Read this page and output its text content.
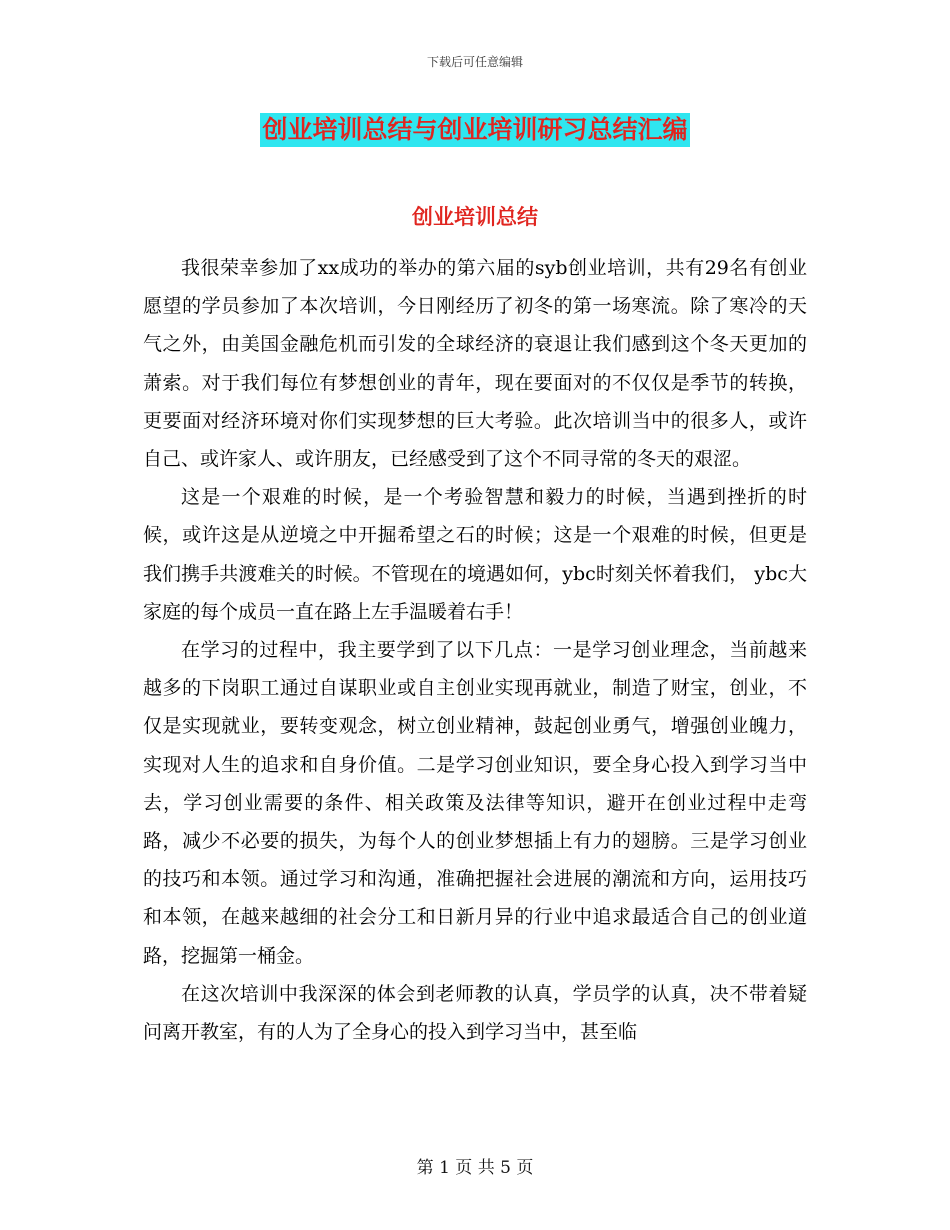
下载后可任意编辑
创业培训总结与创业培训研习总结汇编
创业培训总结

我很荣幸参加了xx成功的举办的第六届的syb创业培训，共有29名有创业愿望的学员参加了本次培训，今日刚经历了初冬的第一场寒流。除了寒冷的天气之外，由美国金融危机而引发的全球经济的衰退让我们感到这个冬天更加的萧索。对于我们每位有梦想创业的青年，现在要面对的不仅仅是季节的转换，更要面对经济环境对你们实现梦想的巨大考验。此次培训当中的很多人，或许自己、或许家人、或许朋友，已经感受到了这个不同寻常的冬天的艰涩。

这是一个艰难的时候，是一个考验智慧和毅力的时候，当遇到挫折的时候，或许这是从逆境之中开掘希望之石的时候；这是一个艰难的时候，但更是我们携手共渡难关的时候。不管现在的境遇如何，ybc时刻关怀着我们， ybc大家庭的每个成员一直在路上左手温暖着右手！

在学习的过程中，我主要学到了以下几点：一是学习创业理念，当前越来越多的下岗职工通过自谋职业或自主创业实现再就业，制造了财宝，创业，不仅是实现就业，要转变观念，树立创业精神，鼓起创业勇气，增强创业魄力，实现对人生的追求和自身价值。二是学习创业知识，要全身心投入到学习当中去，学习创业需要的条件、相关政策及法律等知识，避开在创业过程中走弯路，减少不必要的损失，为每个人的创业梦想插上有力的翅膀。三是学习创业的技巧和本领。通过学习和沟通，准确把握社会进展的潮流和方向，运用技巧和本领，在越来越细的社会分工和日新月异的行业中追求最适合自己的创业道路，挖掘第一桶金。

在这次培训中我深深的体会到老师教的认真，学员学的认真，决不带着疑问离开教室，有的人为了全身心的投入到学习当中，甚至临

第 1 页 共 5 页
